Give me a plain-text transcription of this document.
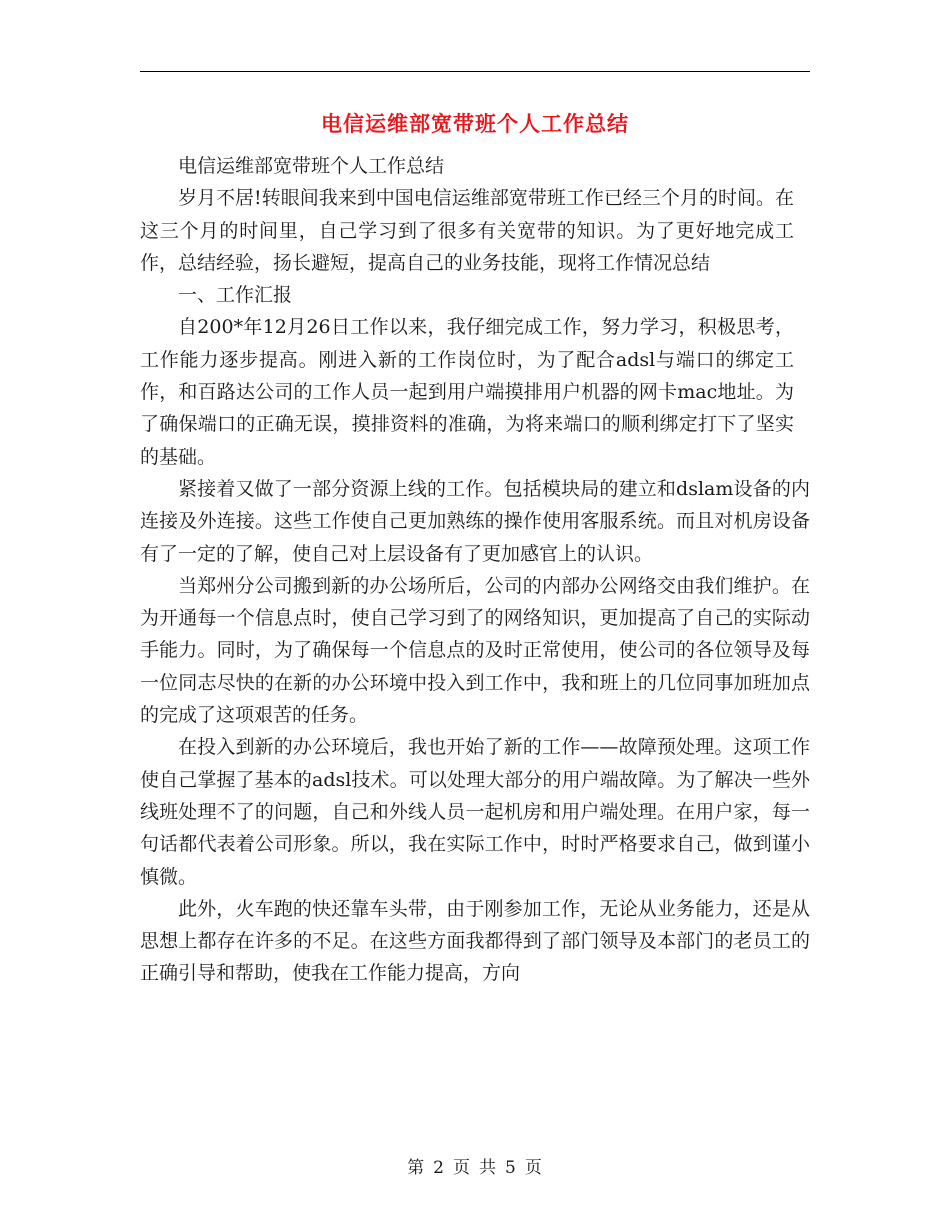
电信运维部宽带班个人工作总结

电信运维部宽带班个人工作总结

岁月不居!转眼间我来到中国电信运维部宽带班工作已经三个月的时间。在这三个月的时间里，自己学习到了很多有关宽带的知识。为了更好地完成工作，总结经验，扬长避短，提高自己的业务技能，现将工作情况总结

一、工作汇报

自200*年12月26日工作以来，我仔细完成工作，努力学习，积极思考，工作能力逐步提高。刚进入新的工作岗位时，为了配合adsl与端口的绑定工作，和百路达公司的工作人员一起到用户端摸排用户机器的网卡mac地址。为了确保端口的正确无误，摸排资料的准确，为将来端口的顺利绑定打下了坚实的基础。

紧接着又做了一部分资源上线的工作。包括模块局的建立和dslam设备的内连接及外连接。这些工作使自己更加熟练的操作使用客服系统。而且对机房设备有了一定的了解，使自己对上层设备有了更加感官上的认识。

当郑州分公司搬到新的办公场所后，公司的内部办公网络交由我们维护。在为开通每一个信息点时，使自己学习到了的网络知识，更加提高了自己的实际动手能力。同时，为了确保每一个信息点的及时正常使用，使公司的各位领导及每一位同志尽快的在新的办公环境中投入到工作中，我和班上的几位同事加班加点的完成了这项艰苦的任务。

在投入到新的办公环境后，我也开始了新的工作——故障预处理。这项工作使自己掌握了基本的adsl技术。可以处理大部分的用户端故障。为了解决一些外线班处理不了的问题，自己和外线人员一起机房和用户端处理。在用户家，每一句话都代表着公司形象。所以，我在实际工作中，时时严格要求自己，做到谨小慎微。

此外，火车跑的快还靠车头带，由于刚参加工作，无论从业务能力，还是从思想上都存在许多的不足。在这些方面我都得到了部门领导及本部门的老员工的正确引导和帮助，使我在工作能力提高，方向

第 2 页 共 5 页
